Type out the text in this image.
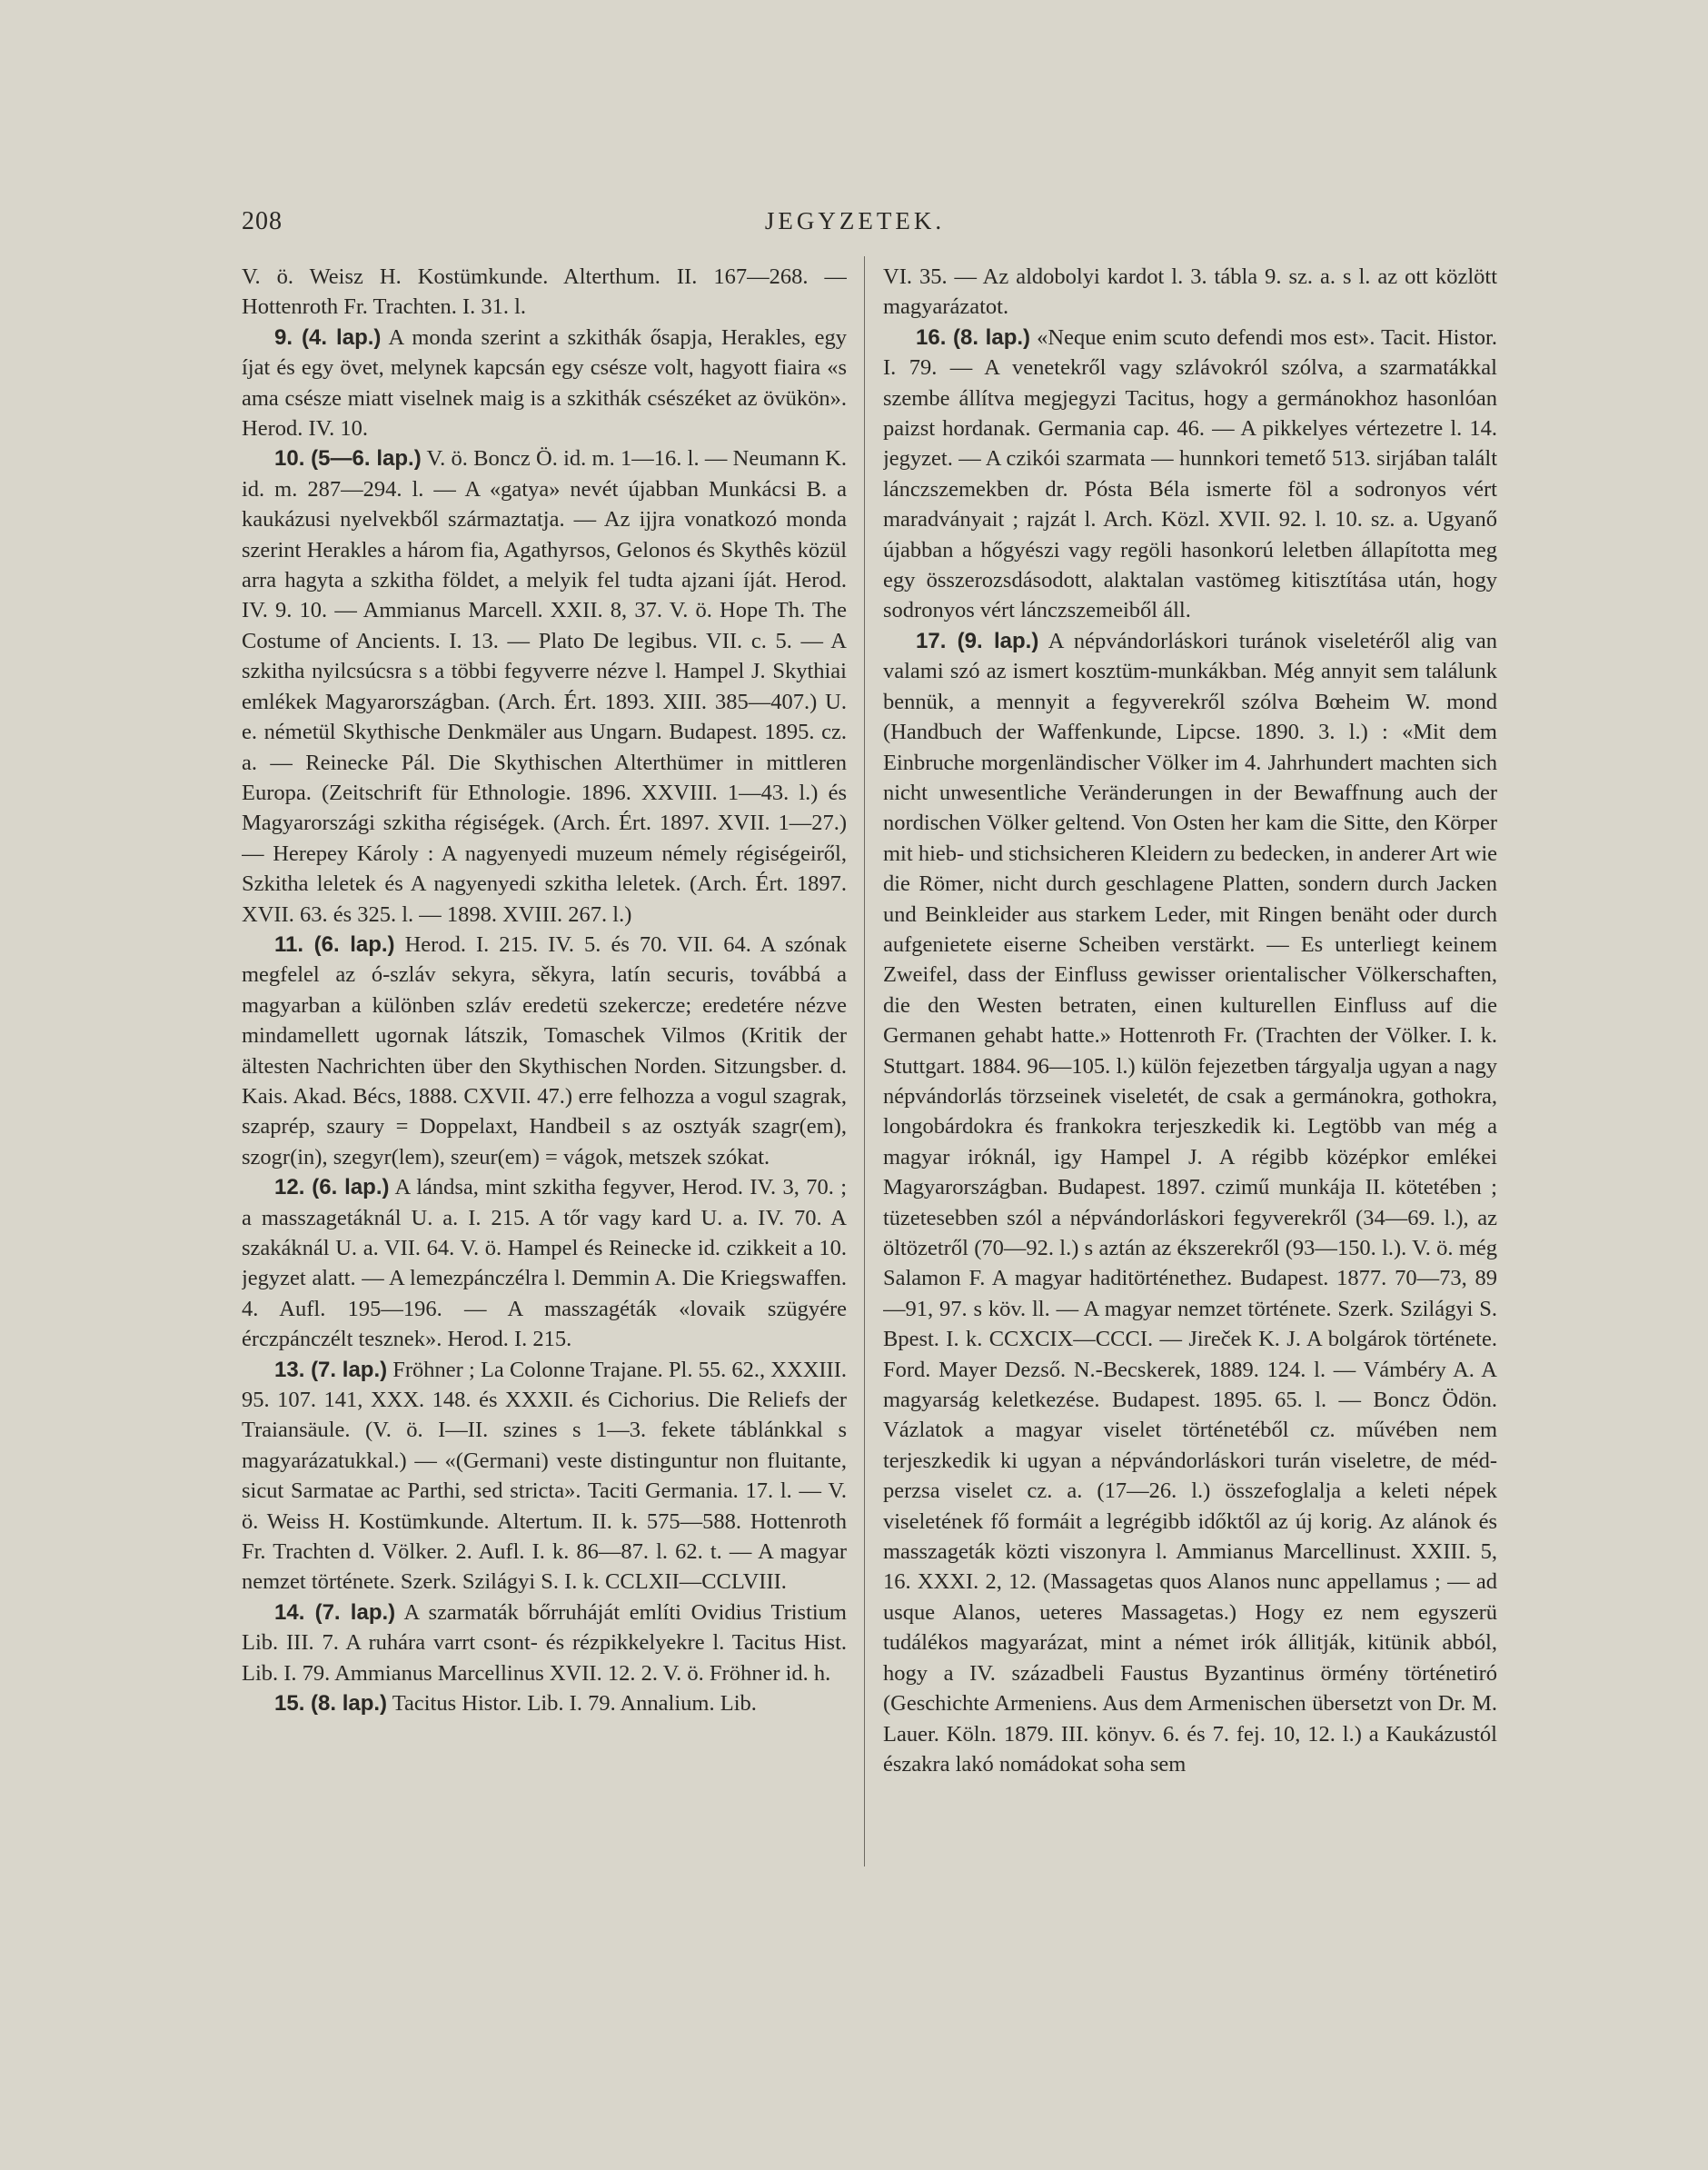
208	JEGYZETEK.

V. ö. Weisz H. Kostümkunde. Alterthum. II. 167—268. — Hottenroth Fr. Trachten. I. 31. l.

9. (4. lap.) A monda szerint a szkithák ősapja, Herakles, egy íjat és egy övet, melynek kapcsán egy csésze volt, hagyott fiaira «s ama csésze miatt viselnek maig is a szkithák csészéket az övükön». Herod. IV. 10.

10. (5—6. lap.) V. ö. Boncz Ö. id. m. 1—16. l. — Neumann K. id. m. 287—294. l. — A «gatya» nevét újabban Munkácsi B. a kaukázusi nyelvekből származtatja. — Az ijjra vonatkozó monda szerint Herakles a három fia, Agathyrsos, Gelonos és Skythês közül arra hagyta a szkitha földet, a melyik fel tudta ajzani íját. Herod. IV. 9. 10. — Ammianus Marcell. XXII. 8, 37. V. ö. Hope Th. The Costume of Ancients. I. 13. — Plato De legibus. VII. c. 5. — A szkitha nyilcsúcsra s a többi fegyverre nézve l. Hampel J. Skythiai emlékek Magyarországban. (Arch. Ért. 1893. XIII. 385—407.) U. e. németül Skythische Denkmäler aus Ungarn. Budapest. 1895. cz. a. — Reinecke Pál. Die Skythischen Alterthümer in mittleren Europa. (Zeitschrift für Ethnologie. 1896. XXVIII. 1—43. l.) és Magyarországi szkitha régiségek. (Arch. Ért. 1897. XVII. 1—27.) — Herepey Károly : A nagyenyedi muzeum némely régiségeiről, Szkitha leletek és A nagyenyedi szkitha leletek. (Arch. Ért. 1897. XVII. 63. és 325. l. — 1898. XVIII. 267. l.)

11. (6. lap.) Herod. I. 215. IV. 5. és 70. VII. 64. A szónak megfelel az ó-szláv sekyra, sěkyra, latín securis, továbbá a magyarban a különben szláv eredetü szekercze; eredetére nézve mindamellett ugornak látszik, Tomaschek Vilmos (Kritik der ältesten Nachrichten über den Skythischen Norden. Sitzungsber. d. Kais. Akad. Bécs, 1888. CXVII. 47.) erre felhozza a vogul szagrak, szaprép, szaury = Doppelaxt, Handbeil s az osztyák szagr(em), szogr(in), szegyr(lem), szeur(em) = vágok, metszek szókat.

12. (6. lap.) A lándsa, mint szkitha fegyver, Herod. IV. 3, 70. ; a masszagetáknál U. a. I. 215. A tőr vagy kard U. a. IV. 70. A szakáknál U. a. VII. 64. V. ö. Hampel és Reinecke id. czikkeit a 10. jegyzet alatt. — A lemezpánczélra l. Demmin A. Die Kriegswaffen. 4. Aufl. 195—196. — A masszagéták «lovaik szügyére érczpánczélt tesznek». Herod. I. 215.

13. (7. lap.) Fröhner ; La Colonne Trajane. Pl. 55. 62., XXXIII. 95. 107. 141, XXX. 148. és XXXII. és Cichorius. Die Reliefs der Traiansäule. (V. ö. I—II. szines s 1—3. fekete táblánkkal s magyarázatukkal.) — «(Germani) veste distinguntur non fluitante, sicut Sarmatae ac Parthi, sed stricta». Taciti Germania. 17. l. — V. ö. Weiss H. Kostümkunde. Altertum. II. k. 575—588. Hottenroth Fr. Trachten d. Völker. 2. Aufl. I. k. 86—87. l. 62. t. — A magyar nemzet története. Szerk. Szilágyi S. I. k. CCLXII—CCLVIII.

14. (7. lap.) A szarmaták bőrruháját említi Ovidius Tristium Lib. III. 7. A ruhára varrt csont- és rézpikkelyekre l. Tacitus Hist. Lib. I. 79. Ammianus Marcellinus XVII. 12. 2. V. ö. Fröhner id. h.

15. (8. lap.) Tacitus Histor. Lib. I. 79. Annalium. Lib.

VI. 35. — Az aldobolyi kardot l. 3. tábla 9. sz. a. s l. az ott közlött magyarázatot.

16. (8. lap.) «Neque enim scuto defendi mos est». Tacit. Histor. I. 79. — A venetekről vagy szlávokról szólva, a szarmatákkal szembe állítva megjegyzi Tacitus, hogy a germánokhoz hasonlóan paizst hordanak. Germania cap. 46. — A pikkelyes vértezetre l. 14. jegyzet. — A czikói szarmata — hunnkori temető 513. sirjában talált lánczszemekben dr. Pósta Béla ismerte föl a sodronyos vért maradványait ; rajzát l. Arch. Közl. XVII. 92. l. 10. sz. a. Ugyanő újabban a hőgyészi vagy regöli hasonkorú leletben állapította meg egy összerozsdásodott, alaktalan vastömeg kitisztítása után, hogy sodronyos vért lánczszemeiből áll.

17. (9. lap.) A népvándorláskori turánok viseletéről alig van valami szó az ismert kosztüm-munkákban. Még annyit sem találunk bennük, a mennyit a fegyverekről szólva Bœheim W. mond (Handbuch der Waffenkunde, Lipcse. 1890. 3. l.) : «Mit dem Einbruche morgenländischer Völker im 4. Jahrhundert machten sich nicht unwesentliche Veränderungen in der Bewaffnung auch der nordischen Völker geltend. Von Osten her kam die Sitte, den Körper mit hieb- und stichsicheren Kleidern zu bedecken, in anderer Art wie die Römer, nicht durch geschlagene Platten, sondern durch Jacken und Beinkleider aus starkem Leder, mit Ringen benäht oder durch aufgenietete eiserne Scheiben verstärkt. — Es unterliegt keinem Zweifel, dass der Einfluss gewisser orientalischer Völkerschaften, die den Westen betraten, einen kulturellen Einfluss auf die Germanen gehabt hatte.» Hottenroth Fr. (Trachten der Völker. I. k. Stuttgart. 1884. 96—105. l.) külön fejezetben tárgyalja ugyan a nagy népvándorlás törzseinek viseletét, de csak a germánokra, gothokra, longobárdokra és frankokra terjeszkedik ki. Legtöbb van még a magyar iróknál, igy Hampel J. A régibb középkor emlékei Magyarországban. Budapest. 1897. czimű munkája II. kötetében ; tüzetesebben szól a népvándorláskori fegyverekről (34—69. l.), az öltözetről (70—92. l.) s aztán az ékszerekről (93—150. l.). V. ö. még Salamon F. A magyar haditörténethez. Budapest. 1877. 70—73, 89—91, 97. s köv. ll. — A magyar nemzet története. Szerk. Szilágyi S. Bpest. I. k. CCXCIX—CCCI. — Jireček K. J. A bolgárok története. Ford. Mayer Dezső. N.-Becskerek, 1889. 124. l. — Vámbéry A. A magyarság keletkezése. Budapest. 1895. 65. l. — Boncz Ödön. Vázlatok a magyar viselet történetéből cz. művében nem terjeszkedik ki ugyan a népvándorláskori turán viseletre, de méd-perzsa viselet cz. a. (17—26. l.) összefoglalja a keleti népek viseletének fő formáit a legrégibb időktől az új korig. Az alánok és masszageták közti viszonyra l. Ammianus Marcellinust. XXIII. 5, 16. XXXI. 2, 12. (Massagetas quos Alanos nunc appellamus ; — ad usque Alanos, ueteres Massagetas.) Hogy ez nem egyszerü tudálékos magyarázat, mint a német irók állitják, kitünik abból, hogy a IV. századbeli Faustus Byzantinus örmény történetiró (Geschichte Armeniens. Aus dem Armenischen übersetzt von Dr. M. Lauer. Köln. 1879. III. könyv. 6. és 7. fej. 10, 12. l.) a Kaukázustól északra lakó nomádokat soha sem
